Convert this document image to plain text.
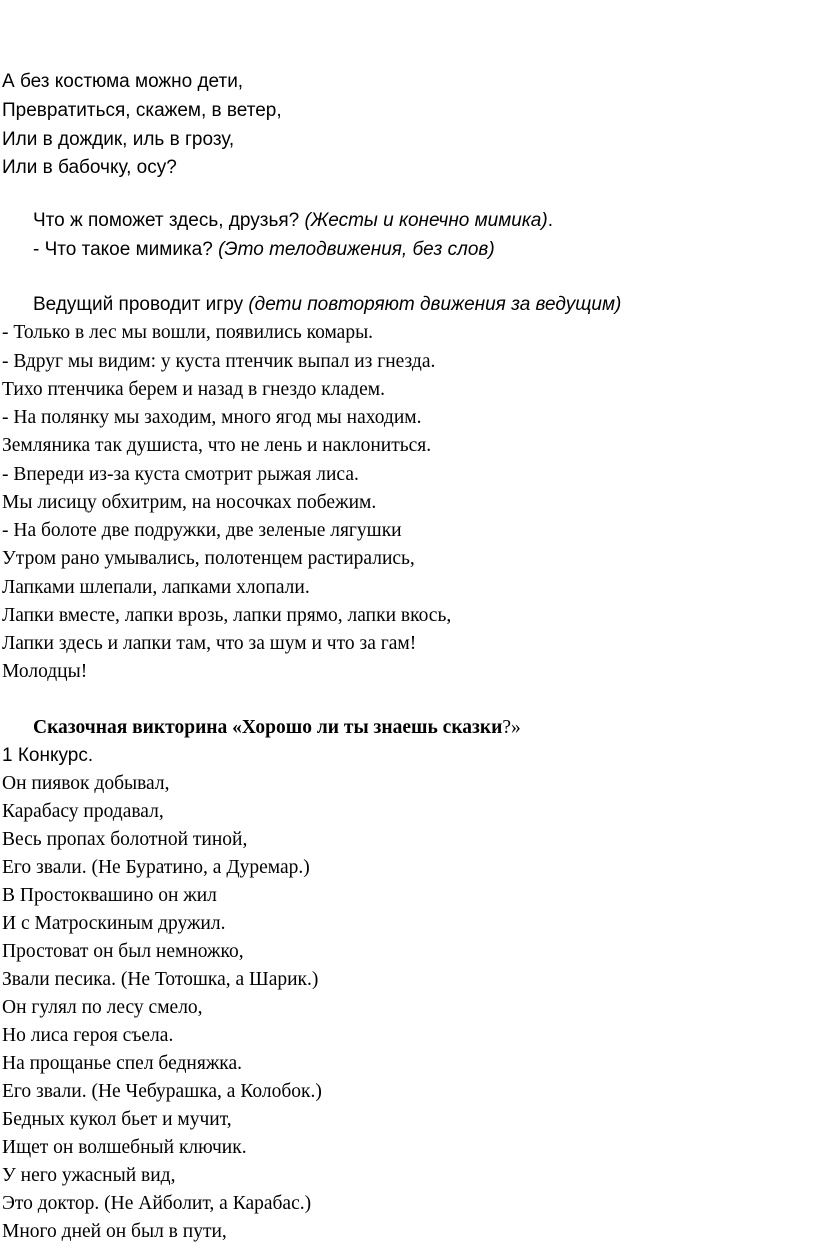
А без костюма можно дети,
Превратиться, скажем, в ветер,
Или в дождик, иль в грозу,
Или в бабочку, осу?
Что ж поможет здесь, друзья? (Жесты и конечно мимика).
- Что такое мимика? (Это телодвижения, без слов)
Ведущий проводит игру (дети повторяют движения за ведущим)
- Только в лес мы вошли, появились комары.
- Вдруг мы видим: у куста птенчик выпал из гнезда.
Тихо птенчика берем и назад в гнездо кладем.
- На полянку мы заходим, много ягод мы находим.
Земляника так душиста, что не лень и наклониться.
- Впереди из-за куста смотрит рыжая лиса.
Мы лисицу обхитрим, на носочках побежим.
- На болоте две подружки, две зеленые лягушки
Утром рано умывались, полотенцем растирались,
Лапками шлепали, лапками хлопали.
Лапки вместе, лапки врозь, лапки прямо, лапки вкось,
Лапки здесь и лапки там, что за шум и что за гам!
Молодцы!
Сказочная викторина «Хорошо ли ты знаешь сказки?»
1 Конкурс.
Он пиявок добывал,
Карабасу продавал,
Весь пропах болотной тиной,
Его звали. (Не Буратино, а Дуремар.)
В Простоквашино он жил
И с Матроскиным дружил.
Простоват он был немножко,
Звали песика. (Не Тотошка, а Шарик.)
Он гулял по лесу смело,
Но лиса героя съела.
На прощанье спел бедняжка.
Его звали. (Не Чебурашка, а Колобок.)
Бедных кукол бьет и мучит,
Ищет он волшебный ключик.
У него ужасный вид,
Это доктор. (Не Айболит, а Карабас.)
Много дней он был в пути,
